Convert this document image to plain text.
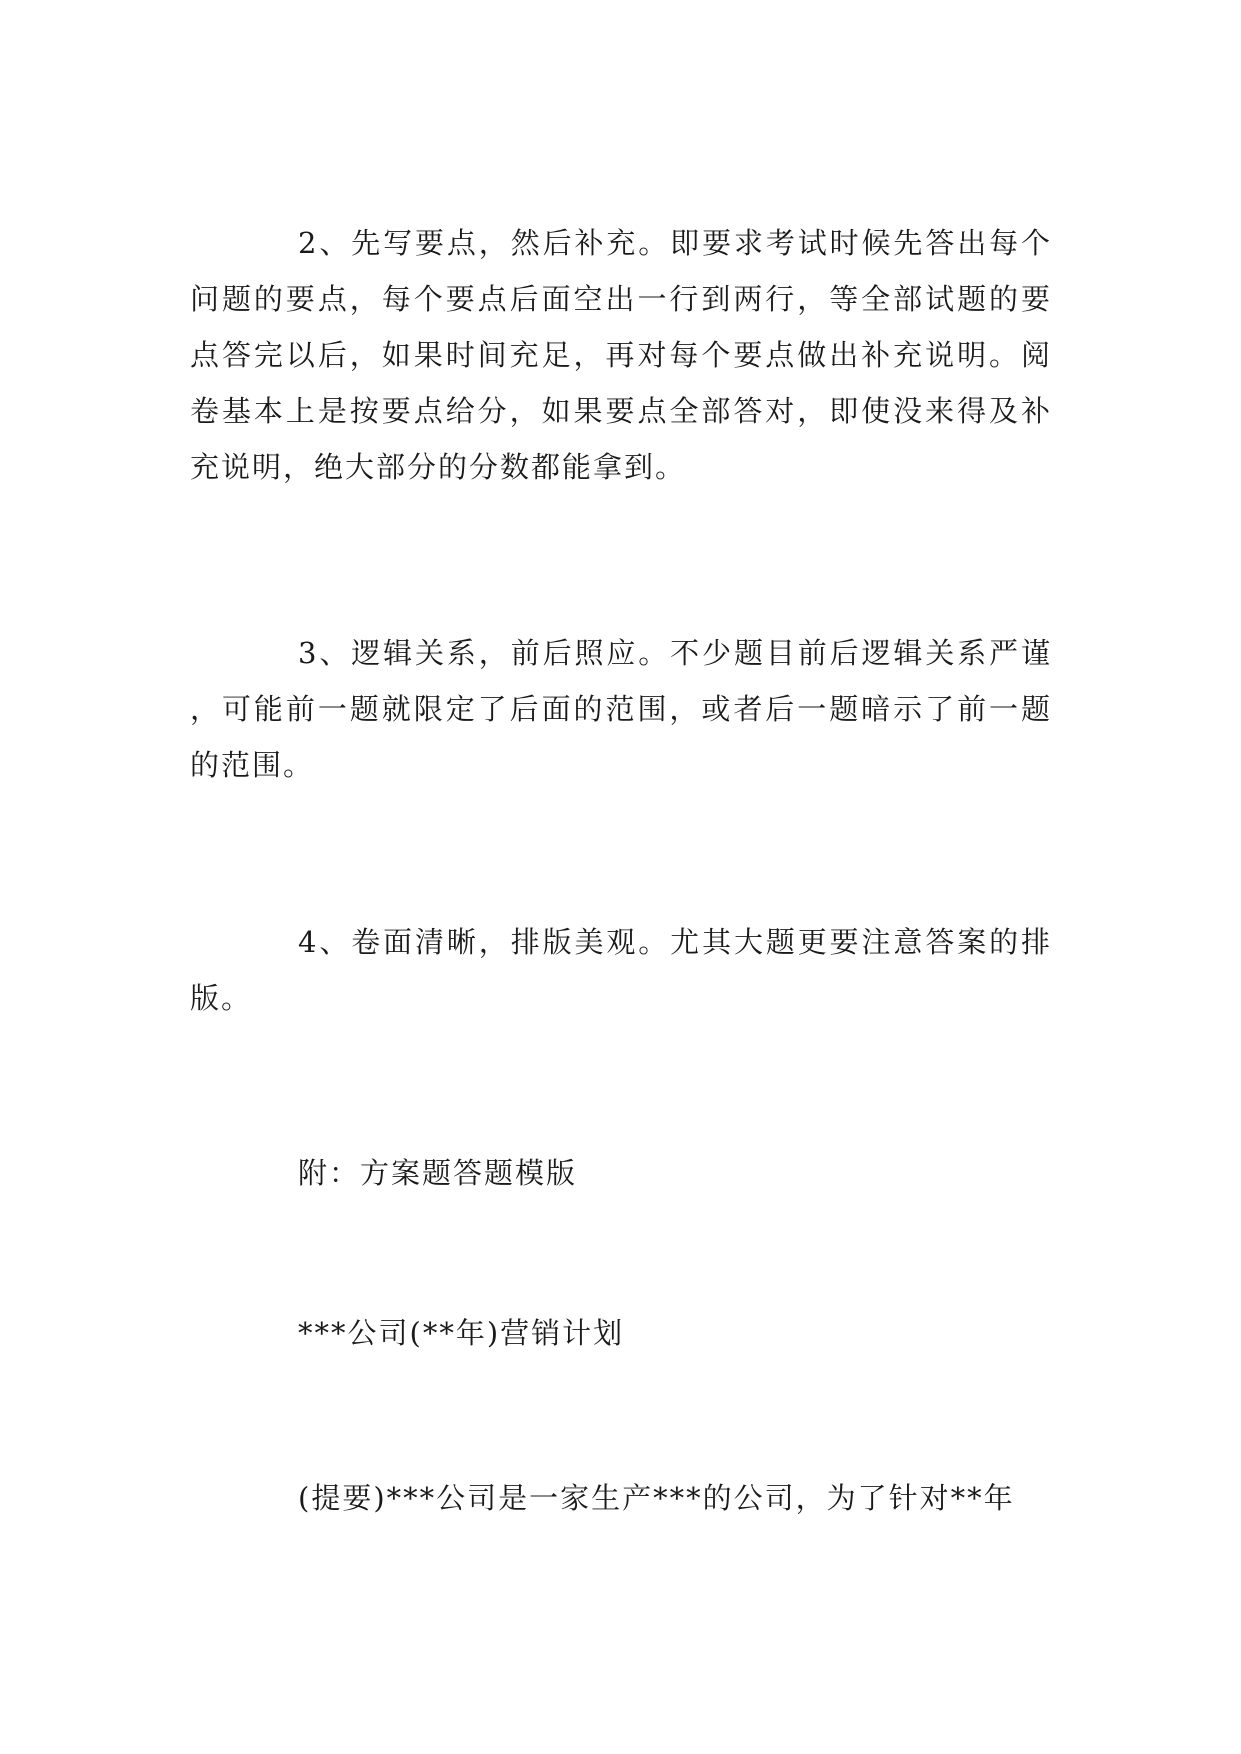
2、先写要点，然后补充。即要求考试时候先答出每个问题的要点，每个要点后面空出一行到两行，等全部试题的要点答完以后，如果时间充足，再对每个要点做出补充说明。阅卷基本上是按要点给分，如果要点全部答对，即使没来得及补充说明，绝大部分的分数都能拿到。

3、逻辑关系，前后照应。不少题目前后逻辑关系严谨，可能前一题就限定了后面的范围，或者后一题暗示了前一题的范围。

4、卷面清晰，排版美观。尤其大题更要注意答案的排版。

附：方案题答题模版

***公司(**年)营销计划

(提要)***公司是一家生产***的公司，为了针对**年
